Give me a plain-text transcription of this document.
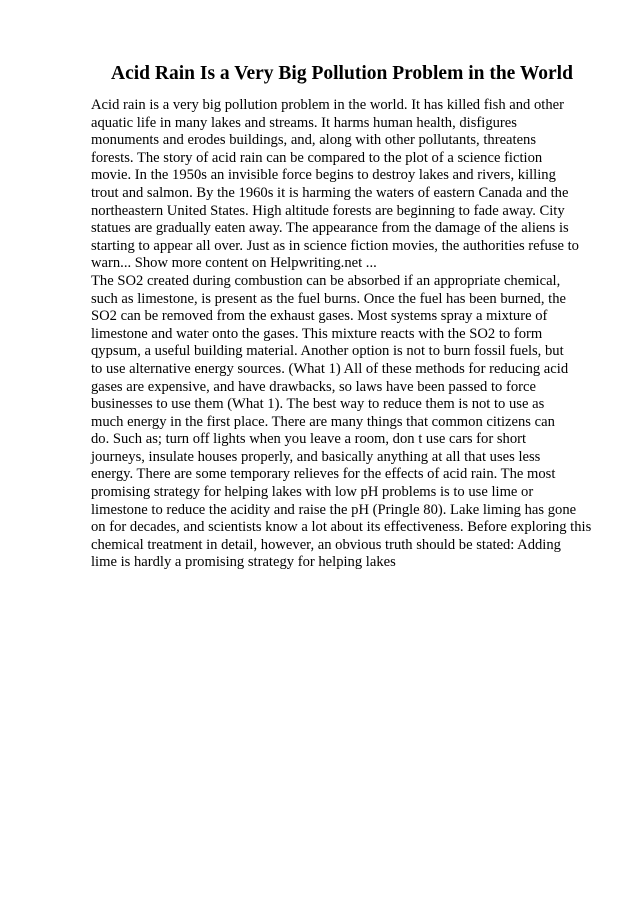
Acid Rain Is a Very Big Pollution Problem in the World
Acid rain is a very big pollution problem in the world. It has killed fish and other
aquatic life in many lakes and streams. It harms human health, disfigures
monuments and erodes buildings, and, along with other pollutants, threatens
forests. The story of acid rain can be compared to the plot of a science fiction
movie. In the 1950s an invisible force begins to destroy lakes and rivers, killing
trout and salmon. By the 1960s it is harming the waters of eastern Canada and the
northeastern United States. High altitude forests are beginning to fade away. City
statues are gradually eaten away. The appearance from the damage of the aliens is
starting to appear all over. Just as in science fiction movies, the authorities refuse to
warn... Show more content on Helpwriting.net ...
The SO2 created during combustion can be absorbed if an appropriate chemical,
such as limestone, is present as the fuel burns. Once the fuel has been burned, the
SO2 can be removed from the exhaust gases. Most systems spray a mixture of
limestone and water onto the gases. This mixture reacts with the SO2 to form
qypsum, a useful building material. Another option is not to burn fossil fuels, but
to use alternative energy sources. (What 1) All of these methods for reducing acid
gases are expensive, and have drawbacks, so laws have been passed to force
businesses to use them (What 1). The best way to reduce them is not to use as
much energy in the first place. There are many things that common citizens can
do. Such as; turn off lights when you leave a room, don t use cars for short
journeys, insulate houses properly, and basically anything at all that uses less
energy. There are some temporary relieves for the effects of acid rain. The most
promising strategy for helping lakes with low pH problems is to use lime or
limestone to reduce the acidity and raise the pH (Pringle 80). Lake liming has gone
on for decades, and scientists know a lot about its effectiveness. Before exploring this
chemical treatment in detail, however, an obvious truth should be stated: Adding
lime is hardly a promising strategy for helping lakes
